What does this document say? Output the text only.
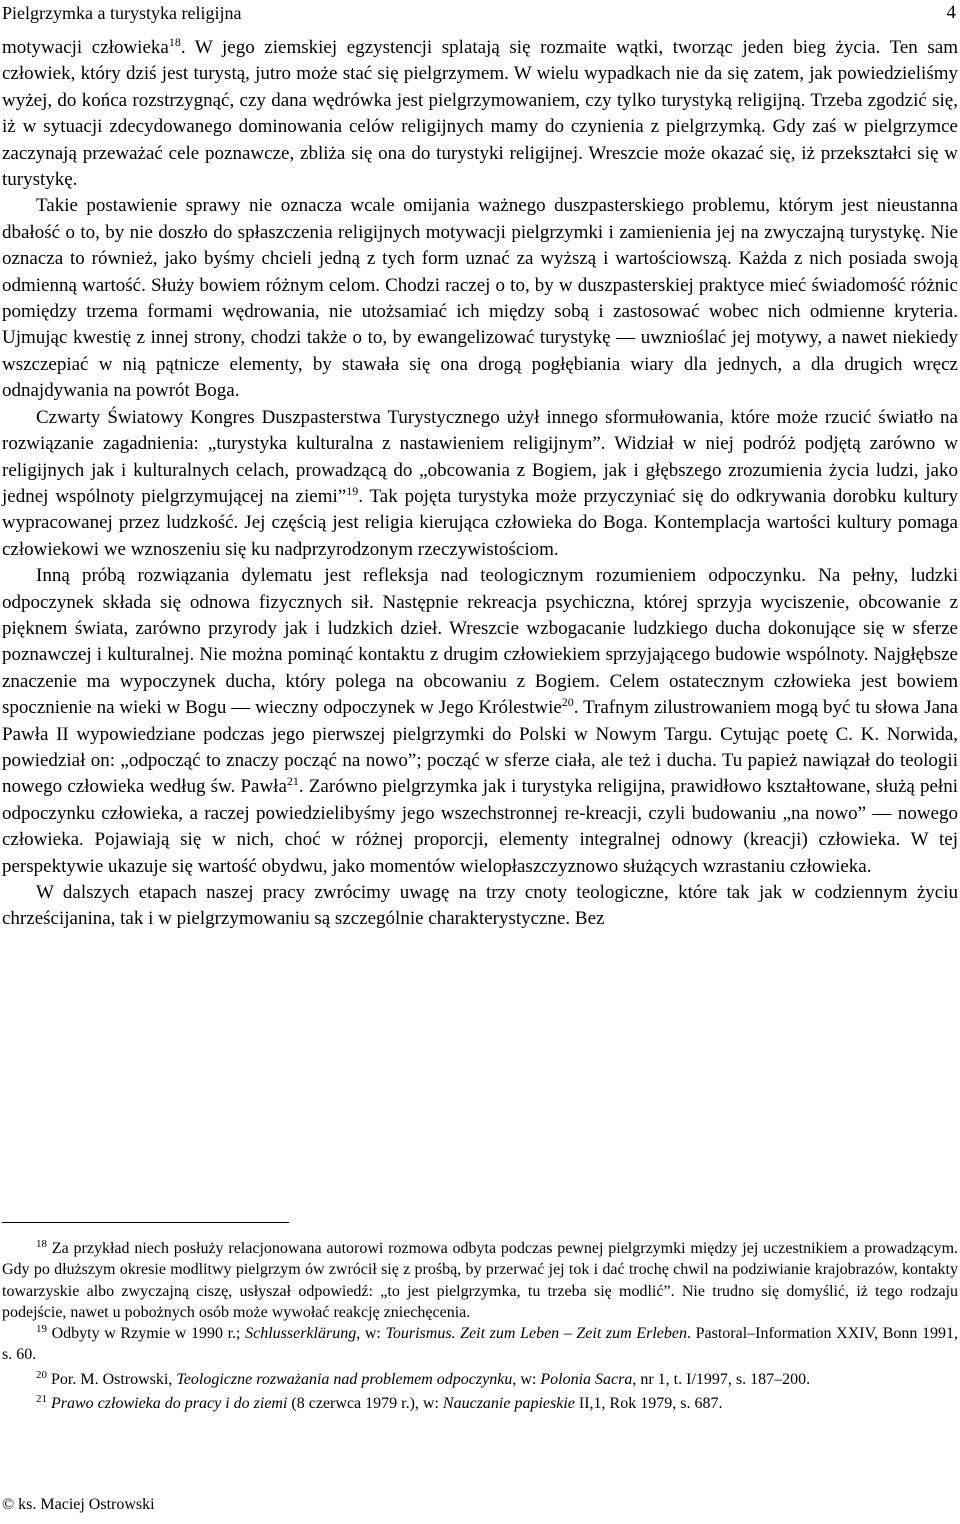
Pielgrzymka a turystyka religijna	4

motywacji człowieka$^{18}$. W jego ziemskiej egzystencji splatają się rozmaite wątki, tworząc jeden bieg życia. Ten sam człowiek, który dziś jest turystą, jutro może stać się pielgrzymem. W wielu wypadkach nie da się zatem, jak powiedzieliśmy wyżej, do końca rozstrzygnąć, czy dana wędrówka jest pielgrzymowaniem, czy tylko turystyką religijną. Trzeba zgodzić się, iż w sytuacji zdecydowanego dominowania celów religijnych mamy do czynienia z pielgrzymką. Gdy zaś w pielgrzymce zaczynają przeważać cele poznawcze, zbliża się ona do turystyki religijnej. Wreszcie może okazać się, iż przekształci się w turystykę.

Takie postawienie sprawy nie oznacza wcale omijania ważnego duszpasterskiego problemu, którym jest nieustanna dbałość o to, by nie doszło do spłaszczenia religijnych motywacji pielgrzymki i zamienienia jej na zwyczajną turystykę. Nie oznacza to również, jako byśmy chcieli jedną z tych form uznać za wyższą i wartościowszą. Każda z nich posiada swoją odmienną wartość. Służy bowiem różnym celom. Chodzi raczej o to, by w duszpasterskiej praktyce mieć świadomość różnic pomiędzy trzema formami wędrowania, nie utożsamiać ich między sobą i zastosować wobec nich odmienne kryteria. Ujmując kwestię z innej strony, chodzi także o to, by ewangelizować turystykę — uwznioślać jej motywy, a nawet niekiedy wszczepiać w nią pątnicze elementy, by stawała się ona drogą pogłębiania wiary dla jednych, a dla drugich wręcz odnajdywania na powrót Boga.

Czwarty Światowy Kongres Duszpasterstwa Turystycznego użył innego sformułowania, które może rzucić światło na rozwiązanie zagadnienia: „turystyka kulturalna z nastawieniem religijnym”. Widział w niej podróż podjętą zarówno w religijnych jak i kulturalnych celach, prowadzącą do „obcowania z Bogiem, jak i głębszego zrozumienia życia ludzi, jako jednej wspólnoty pielgrzymującej na ziemi”$^{19}$. Tak pojęta turystyka może przyczyniać się do odkrywania dorobku kultury wypracowanej przez ludzkość. Jej częścią jest religia kierująca człowieka do Boga. Kontemplacja wartości kultury pomaga człowiekowi we wznoszeniu się ku nadprzyrodzonym rzeczywistościom.

Inną próbą rozwiązania dylematu jest refleksja nad teologicznym rozumieniem odpoczynku. Na pełny, ludzki odpoczynek składa się odnowa fizycznych sił. Następnie rekreacja psychiczna, której sprzyja wyciszenie, obcowanie z pięknem świata, zarówno przyrody jak i ludzkich dzieł. Wreszcie wzbogacanie ludzkiego ducha dokonujące się w sferze poznawczej i kulturalnej. Nie można pominąć kontaktu z drugim człowiekiem sprzyjającego budowie wspólnoty. Najgłębsze znaczenie ma wypoczynek ducha, który polega na obcowaniu z Bogiem. Celem ostatecznym człowieka jest bowiem spocznienie na wieki w Bogu — wieczny odpoczynek w Jego Królestwie$^{20}$. Trafnym zilustrowaniem mogą być tu słowa Jana Pawła II wypowiedziane podczas jego pierwszej pielgrzymki do Polski w Nowym Targu. Cytując poetę C. K. Norwida, powiedział on: „odpocząć to znaczy począć na nowo”; począć w sferze ciała, ale też i ducha. Tu papież nawiązał do teologii nowego człowieka według św. Pawła$^{21}$. Zarówno pielgrzymka jak i turystyka religijna, prawidłowo kształtowane, służą pełni odpoczynku człowieka, a raczej powiedzielibyśmy jego wszechstronnej re-kreacji, czyli budowaniu „na nowo” — nowego człowieka. Pojawiają się w nich, choć w różnej proporcji, elementy integralnej odnowy (kreacji) człowieka. W tej perspektywie ukazuje się wartość obydwu, jako momentów wielopłaszczyznowo służących wzrastaniu człowieka.

W dalszych etapach naszej pracy zwrócimy uwagę na trzy cnoty teologiczne, które tak jak w codziennym życiu chrześcijanina, tak i w pielgrzymowaniu są szczególnie charakterystyczne. Bez

$^{18}$ Za przykład niech posłuży relacjonowana autorowi rozmowa odbyta podczas pewnej pielgrzymki między jej uczestnikiem a prowadzącym. Gdy po dłuższym okresie modlitwy pielgrzym ów zwrócił się z prośbą, by przerwać jej tok i dać trochę chwil na podziwianie krajobrazów, kontakty towarzyskie albo zwyczajną ciszę, usłyszał odpowiedź: „to jest pielgrzymka, tu trzeba się modlić”. Nie trudno się domyślić, iż tego rodzaju podejście, nawet u pobożnych osób może wywołać reakcję zniechęcenia.

$^{19}$ Odbyty w Rzymie w 1990 r.; Schlusserklärung, w: Tourismus. Zeit zum Leben – Zeit zum Erleben. Pastoral–Information XXIV, Bonn 1991, s. 60.

$^{20}$ Por. M. Ostrowski, Teologiczne rozważania nad problemem odpoczynku, w: Polonia Sacra, nr 1, t. I/1997, s. 187–200.

$^{21}$ Prawo człowieka do pracy i do ziemi (8 czerwca 1979 r.), w: Nauczanie papieskie II,1, Rok 1979, s. 687.

© ks. Maciej Ostrowski
